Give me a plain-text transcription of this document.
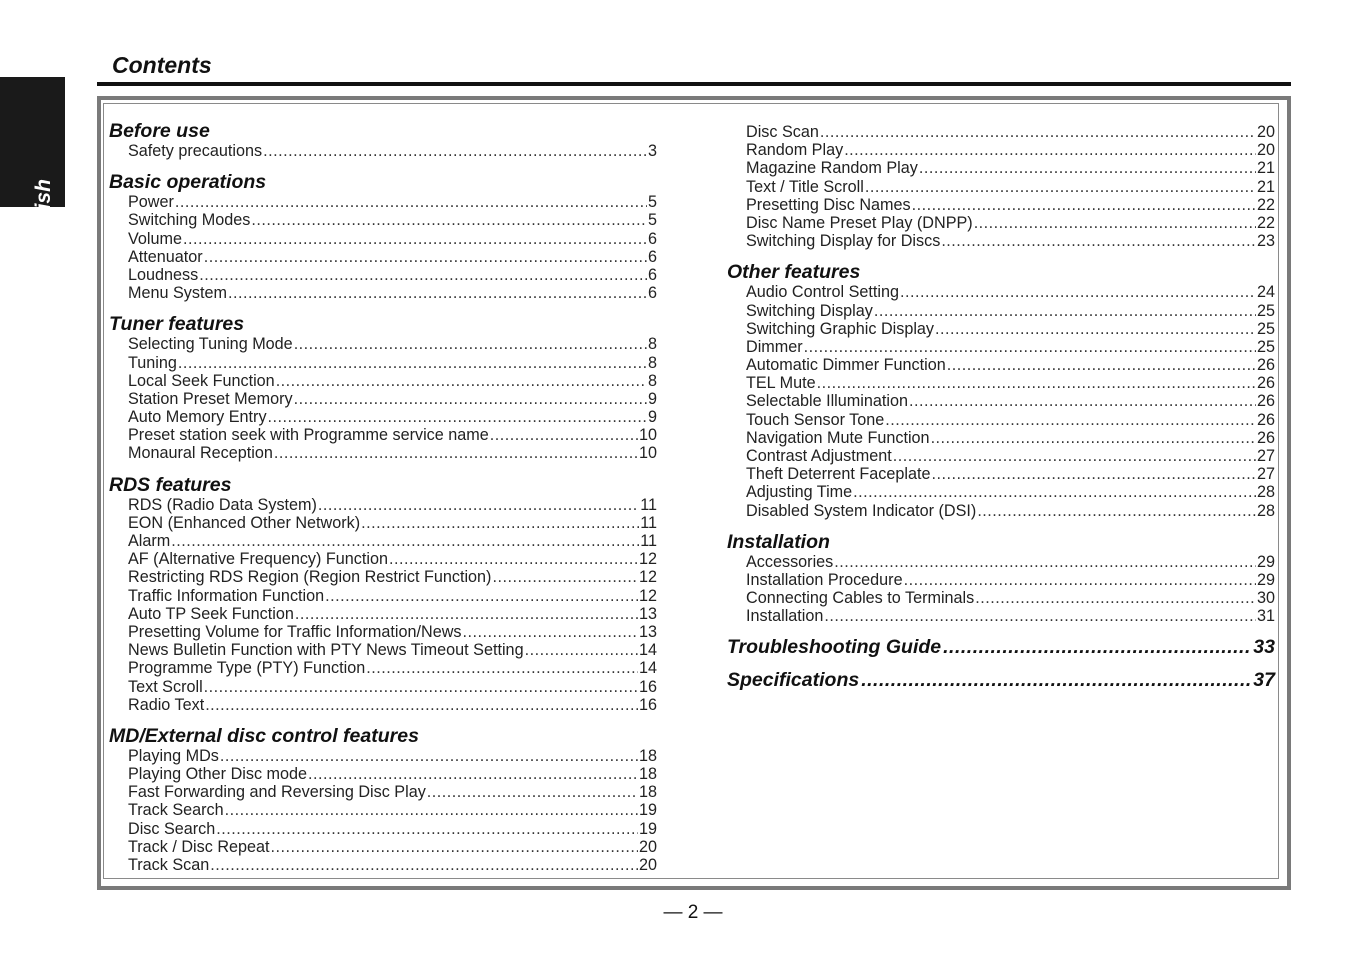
English
Contents
Before use
Safety precautions .....	3
Basic operations
Power .....	5
Switching Modes .....	5
Volume .....	6
Attenuator .....	6
Loudness .....	6
Menu System .....	6
Tuner features
Selecting Tuning Mode .....	8
Tuning .....	8
Local Seek Function .....	8
Station Preset Memory .....	9
Auto Memory Entry .....	9
Preset station seek with Programme service name .....	10
Monaural Reception .....	10
RDS features
RDS (Radio Data System) .....	11
EON (Enhanced Other Network) .....	11
Alarm .....	11
AF (Alternative Frequency) Function .....	12
Restricting RDS Region (Region Restrict Function) .....	12
Traffic Information Function .....	12
Auto TP Seek Function .....	13
Presetting Volume for Traffic Information/News .....	13
News Bulletin Function with PTY News Timeout Setting .....	14
Programme Type (PTY) Function .....	14
Text Scroll .....	16
Radio Text .....	16
MD/External disc control features
Playing MDs .....	18
Playing Other Disc mode .....	18
Fast Forwarding and Reversing Disc Play .....	18
Track Search .....	19
Disc Search .....	19
Track / Disc Repeat .....	20
Track Scan .....	20
Disc Scan .....	20
Random Play .....	20
Magazine Random Play .....	21
Text / Title Scroll .....	21
Presetting Disc Names .....	22
Disc Name Preset Play (DNPP) .....	22
Switching Display for Discs .....	23
Other features
Audio Control Setting .....	24
Switching Display .....	25
Switching Graphic Display .....	25
Dimmer .....	25
Automatic Dimmer Function .....	26
TEL Mute .....	26
Selectable Illumination .....	26
Touch Sensor Tone .....	26
Navigation Mute Function .....	26
Contrast Adjustment .....	27
Theft Deterrent Faceplate .....	27
Adjusting Time .....	28
Disabled System Indicator (DSI) .....	28
Installation
Accessories .....	29
Installation Procedure .....	29
Connecting Cables to Terminals .....	30
Installation .....	31
Troubleshooting Guide .....	33
Specifications .....	37
— 2 —
